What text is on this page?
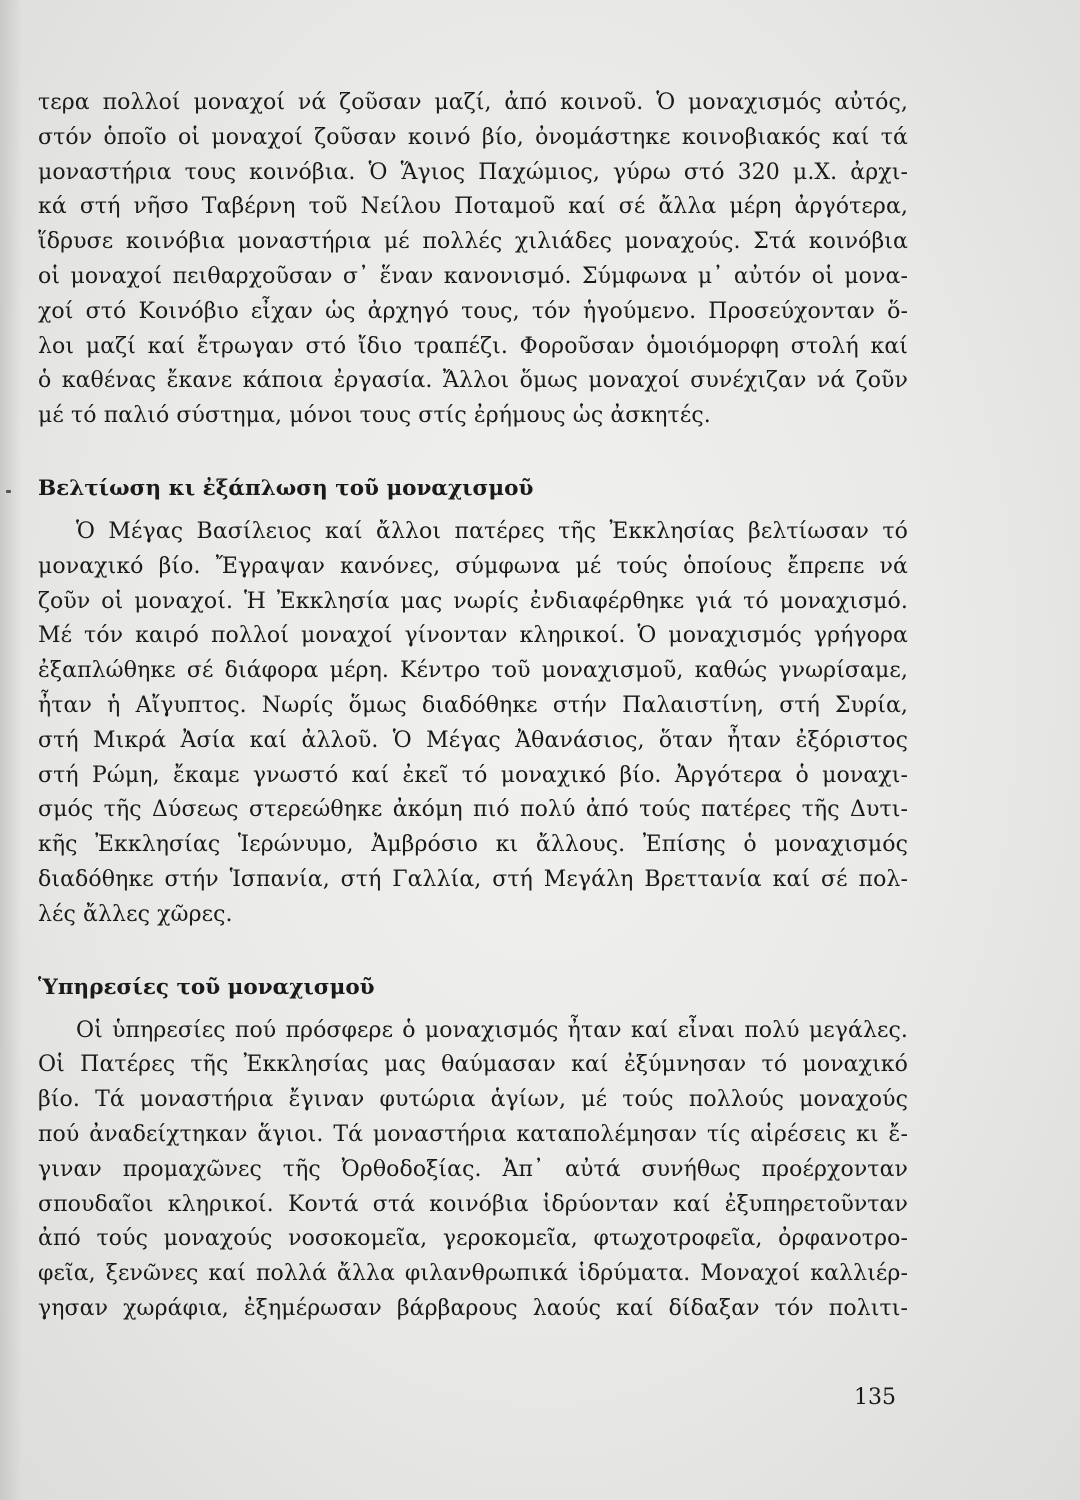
τερα πολλοί μοναχοί νά ζοῦσαν μαζί, ἀπό κοινοῦ. Ὁ μοναχισμός αὐτός,
στόν ὁποῖο οἱ μοναχοί ζοῦσαν κοινό βίο, ὀνομάστηκε κοινοβιακός καί τά
μοναστήρια τους κοινόβια. Ὁ Ἅγιος Παχώμιος, γύρω στό 320 μ.Χ. ἀρχι-
κά στή νῆσο Ταβέρνη τοῦ Νείλου Ποταμοῦ καί σέ ἄλλα μέρη ἀργότερα,
ἵδρυσε κοινόβια μοναστήρια μέ πολλές χιλιάδες μοναχούς. Στά κοινόβια
οἱ μοναχοί πειθαρχοῦσαν σ᾽ ἕναν κανονισμό. Σύμφωνα μ᾽ αὐτόν οἱ μονα-
χοί στό Κοινόβιο εἶχαν ὡς ἀρχηγό τους, τόν ἡγούμενο. Προσεύχονταν ὅ-
λοι μαζί καί ἔτρωγαν στό ἴδιο τραπέζι. Φοροῦσαν ὁμοιόμορφη στολή καί
ὁ καθένας ἔκανε κάποια ἐργασία. Ἄλλοι ὅμως μοναχοί συνέχιζαν νά ζοῦν
μέ τό παλιό σύστημα, μόνοι τους στίς ἐρήμους ὡς ἀσκητές.

Βελτίωση κι ἐξάπλωση τοῦ μοναχισμοῦ

Ὁ Μέγας Βασίλειος καί ἄλλοι πατέρες τῆς Ἐκκλησίας βελτίωσαν τό
μοναχικό βίο. Ἔγραψαν κανόνες, σύμφωνα μέ τούς ὁποίους ἔπρεπε νά
ζοῦν οἱ μοναχοί. Ἡ Ἐκκλησία μας νωρίς ἐνδιαφέρθηκε γιά τό μοναχισμό.
Μέ τόν καιρό πολλοί μοναχοί γίνονταν κληρικοί. Ὁ μοναχισμός γρήγορα
ἐξαπλώθηκε σέ διάφορα μέρη. Κέντρο τοῦ μοναχισμοῦ, καθώς γνωρίσαμε,
ἦταν ἡ Αἴγυπτος. Νωρίς ὅμως διαδόθηκε στήν Παλαιστίνη, στή Συρία,
στή Μικρά Ἀσία καί ἀλλοῦ. Ὁ Μέγας Ἀθανάσιος, ὅταν ἦταν ἐξόριστος
στή Ρώμη, ἔκαμε γνωστό καί ἐκεῖ τό μοναχικό βίο. Ἀργότερα ὁ μοναχι-
σμός τῆς Δύσεως στερεώθηκε ἀκόμη πιό πολύ ἀπό τούς πατέρες τῆς Δυτι-
κῆς Ἐκκλησίας Ἱερώνυμο, Ἀμβρόσιο κι ἄλλους. Ἐπίσης ὁ μοναχισμός
διαδόθηκε στήν Ἱσπανία, στή Γαλλία, στή Μεγάλη Βρεττανία καί σέ πολ-
λές ἄλλες χῶρες.

Ὑπηρεσίες τοῦ μοναχισμοῦ

Οἱ ὑπηρεσίες πού πρόσφερε ὁ μοναχισμός ἦταν καί εἶναι πολύ μεγάλες.
Οἱ Πατέρες τῆς Ἐκκλησίας μας θαύμασαν καί ἐξύμνησαν τό μοναχικό
βίο. Τά μοναστήρια ἔγιναν φυτώρια ἁγίων, μέ τούς πολλούς μοναχούς
πού ἀναδείχτηκαν ἅγιοι. Τά μοναστήρια καταπολέμησαν τίς αἱρέσεις κι ἔ-
γιναν προμαχῶνες τῆς Ὀρθοδοξίας. Ἀπ᾽ αὐτά συνήθως προέρχονταν
σπουδαῖοι κληρικοί. Κοντά στά κοινόβια ἱδρύονταν καί ἐξυπηρετοῦνταν
ἀπό τούς μοναχούς νοσοκομεῖα, γεροκομεῖα, φτωχοτροφεῖα, ὀρφανοτρο-
φεῖα, ξενῶνες καί πολλά ἄλλα φιλανθρωπικά ἱδρύματα. Μοναχοί καλλιέρ-
γησαν χωράφια, ἐξημέρωσαν βάρβαρους λαούς καί δίδαξαν τόν πολιτι-

135
